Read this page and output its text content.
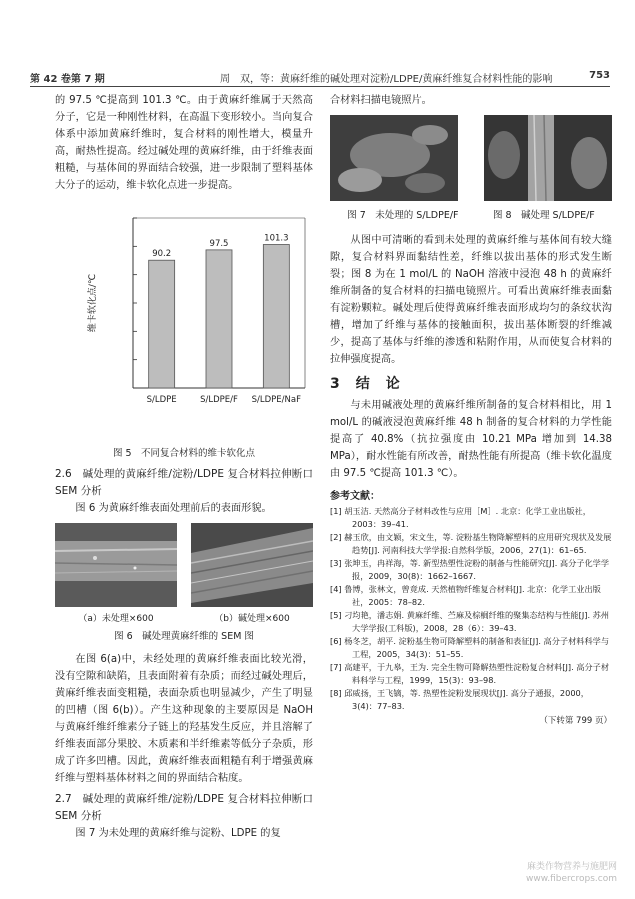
第 42 卷第 7 期	周　双，等：黄麻纤维的碱处理对淀粉/LDPE/黄麻纤维复合材料性能的影响	753

的 97.5 ℃提高到 101.3 ℃。由于黄麻纤维属于天然高分子，它是一种刚性材料，在高温下变形较小。当向复合体系中添加黄麻纤维时，复合材料的刚性增大，模量升高，耐热性提高。经过碱处理的黄麻纤维，由于纤维表面粗糙，与基体间的界面结合较强，进一步限制了塑料基体大分子的运动，维卡软化点进一步提高。

维卡软化点/℃
90.2
S/LDPE
97.5
S/LDPE/F
101.3
S/LDPE/NaF

图 5　不同复合材料的维卡软化点

2.6　碱处理的黄麻纤维/淀粉/LDPE 复合材料拉伸断口 SEM 分析

图 6 为黄麻纤维表面处理前后的表面形貌。

（a）未处理×600	（b）碱处理×600

图 6　碱处理黄麻纤维的 SEM 图

在图 6(a)中，未经处理的黄麻纤维表面比较光滑，没有空隙和缺陷，且表面附着有杂质；而经过碱处理后，黄麻纤维表面变粗糙，表面杂质也明显减少，产生了明显的凹槽（图 6(b)）。产生这种现象的主要原因是 NaOH 与黄麻纤维纤维素分子链上的羟基发生反应，并且溶解了纤维表面部分果胶、木质素和半纤维素等低分子杂质，形成了许多凹槽。因此，黄麻纤维表面粗糙有利于增强黄麻纤维与塑料基体材料之间的界面结合粘度。

2.7　碱处理的黄麻纤维/淀粉/LDPE 复合材料拉伸断口 SEM 分析

图 7 为未处理的黄麻纤维与淀粉、LDPE 的复

合材料扫描电镜照片。

图 7　未处理的 S/LDPE/F	图 8　碱处理 S/LDPE/F

从图中可清晰的看到未处理的黄麻纤维与基体间有较大缝隙，复合材料界面黏结性差，纤维以拔出基体的形式发生断裂；图 8 为在 1 mol/L 的 NaOH 溶液中浸泡 48 h 的黄麻纤维所制备的复合材料的扫描电镜照片。可看出黄麻纤维表面黏有淀粉颗粒。碱处理后使得黄麻纤维表面形成均匀的条纹状沟槽，增加了纤维与基体的接触面积，拔出基体断裂的纤维减少，提高了基体与纤维的渗透和粘附作用，从而使复合材料的拉伸强度提高。

3　结　论

与未用碱液处理的黄麻纤维所制备的复合材料相比，用 1 mol/L 的碱液浸泡黄麻纤维 48 h 制备的复合材料的力学性能提高了 40.8%（抗拉强度由 10.21 MPa 增加到 14.38 MPa），耐水性能有所改善，耐热性能有所提高（维卡软化温度由 97.5 ℃提高 101.3 ℃）。

参考文献：
[1] 胡玉洁. 天然高分子材料改性与应用［M］. 北京：化学工业出版社，2003：39–41.
[2] 赫玉欣，由文颖，宋文生，等. 淀粉基生物降解塑料的应用研究现状及发展趋势[J]. 河南科技大学学报:自然科学版，2006，27(1)：61–65.
[3] 张坤玉，冉祥海，等. 新型热塑性淀粉的制备与性能研究[J]. 高分子化学学报，2009，30(8)：1662–1667.
[4] 鲁博，张林文，曾竟成. 天然植物纤维复合材料[J]. 北京：化学工业出版社，2005：78–82.
[5] 刁均艳，潘志娟. 黄麻纤维、苎麻及棕榈纤维的聚集态结构与性能[J]. 苏州大学学报(工科版)，2008，28（6）：39–43.
[6] 杨冬芝，胡平. 淀粉基生物可降解塑料的制备和表征[J]. 高分子材料科学与工程，2005，34(3)：51–55.
[7] 高建平，于九皋，王为. 完全生物可降解热塑性淀粉复合材料[J]. 高分子材料科学与工程，1999，15(3)：93–98.
[8] 邱威扬，王飞镝，等. 热塑性淀粉发展现状[J]. 高分子通报，2000，3(4)：77–83.
（下转第 799 页）
麻类作物营养与施肥网
www.fibercrops.com
